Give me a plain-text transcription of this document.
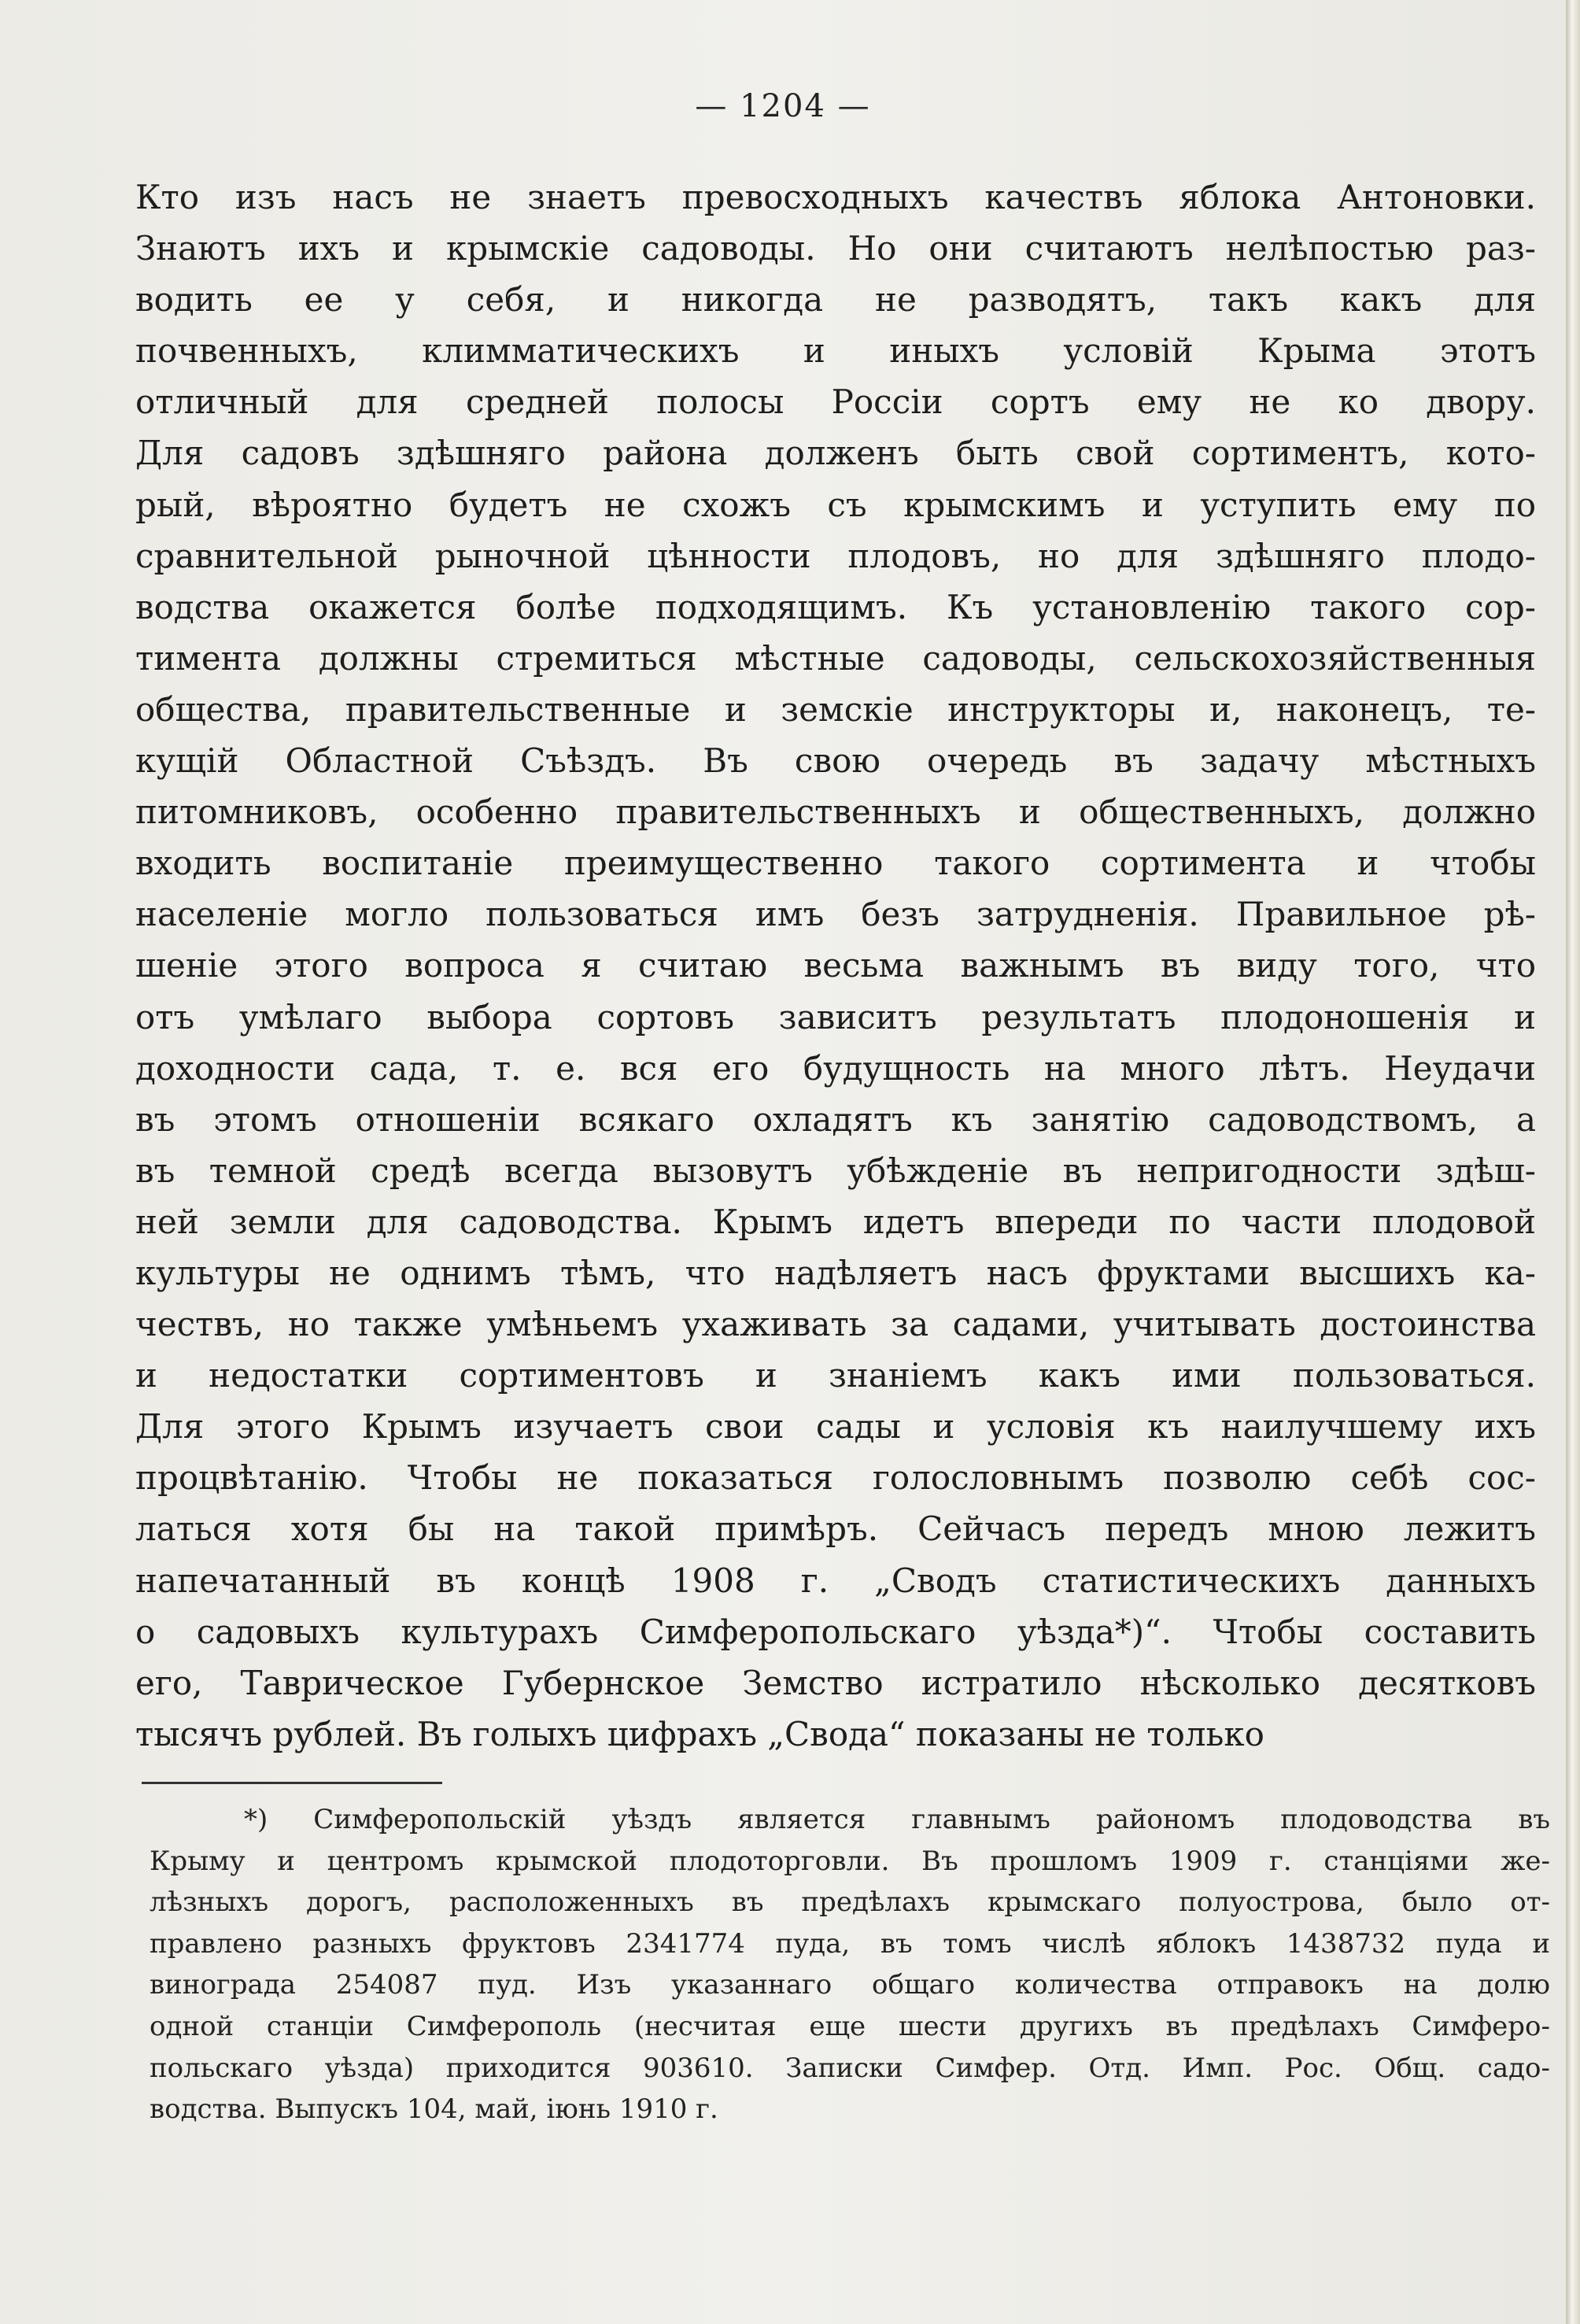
— 1204 —
Кто изъ насъ не знаетъ превосходныхъ качествъ яблока Антоновки.
Знаютъ ихъ и крымскіе садоводы. Но они считаютъ нелѣпостью раз-
водить ее у себя, и никогда не разводятъ, такъ какъ для
почвенныхъ, климматическихъ и иныхъ условій Крыма этотъ
отличный для средней полосы Россіи сортъ ему не ко двору.
Для садовъ здѣшняго района долженъ быть свой сортиментъ, кото-
рый, вѣроятно будетъ не схожъ съ крымскимъ и уступить ему по
сравнительной рыночной цѣнности плодовъ, но для здѣшняго плодо-
водства окажется болѣе подходящимъ. Къ установленію такого сор-
тимента должны стремиться мѣстные садоводы, сельскохозяйственныя
общества, правительственные и земскіе инструкторы и, наконецъ, те-
кущій Областной Съѣздъ. Въ свою очередь въ задачу мѣстныхъ
питомниковъ, особенно правительственныхъ и общественныхъ, должно
входить воспитаніе преимущественно такого сортимента и чтобы
населеніе могло пользоваться имъ безъ затрудненія. Правильное рѣ-
шеніе этого вопроса я считаю весьма важнымъ въ виду того, что
отъ умѣлаго выбора сортовъ зависитъ результатъ плодоношенія и
доходности сада, т. е. вся его будущность на много лѣтъ. Неудачи
въ этомъ отношеніи всякаго охладятъ къ занятію садоводствомъ, а
въ темной средѣ всегда вызовутъ убѣжденіе въ непригодности здѣш-
ней земли для садоводства. Крымъ идетъ впереди по части плодовой
культуры не однимъ тѣмъ, что надѣляетъ насъ фруктами высшихъ ка-
чествъ, но также умѣньемъ ухаживать за садами, учитывать достоинства
и недостатки сортиментовъ и знаніемъ какъ ими пользоваться.
Для этого Крымъ изучаетъ свои сады и условія къ наилучшему ихъ
процвѣтанію. Чтобы не показаться голословнымъ позволю себѣ сос-
латься хотя бы на такой примѣръ. Сейчасъ передъ мною лежитъ
напечатанный въ концѣ 1908 г. „Сводъ статистическихъ данныхъ
о садовыхъ культурахъ Симферопольскаго уѣзда*)“. Чтобы составить
его, Таврическое Губернское Земство истратило нѣсколько десятковъ
тысячъ рублей. Въ голыхъ цифрахъ „Свода“ показаны не только
*) Симферопольскій уѣздъ является главнымъ райономъ плодоводства въ
Крыму и центромъ крымской плодоторговли. Въ прошломъ 1909 г. станціями же-
лѣзныхъ дорогъ, расположенныхъ въ предѣлахъ крымскаго полуострова, было от-
правлено разныхъ фруктовъ 2341774 пуда, въ томъ числѣ яблокъ 1438732 пуда и
винограда 254087 пуд. Изъ указаннаго общаго количества отправокъ на долю
одной станціи Симферополь (несчитая еще шести другихъ въ предѣлахъ Симферо-
польскаго уѣзда) приходится 903610. Записки Симфер. Отд. Имп. Рос. Общ. садо-
водства. Выпускъ 104, май, іюнь 1910 г.
